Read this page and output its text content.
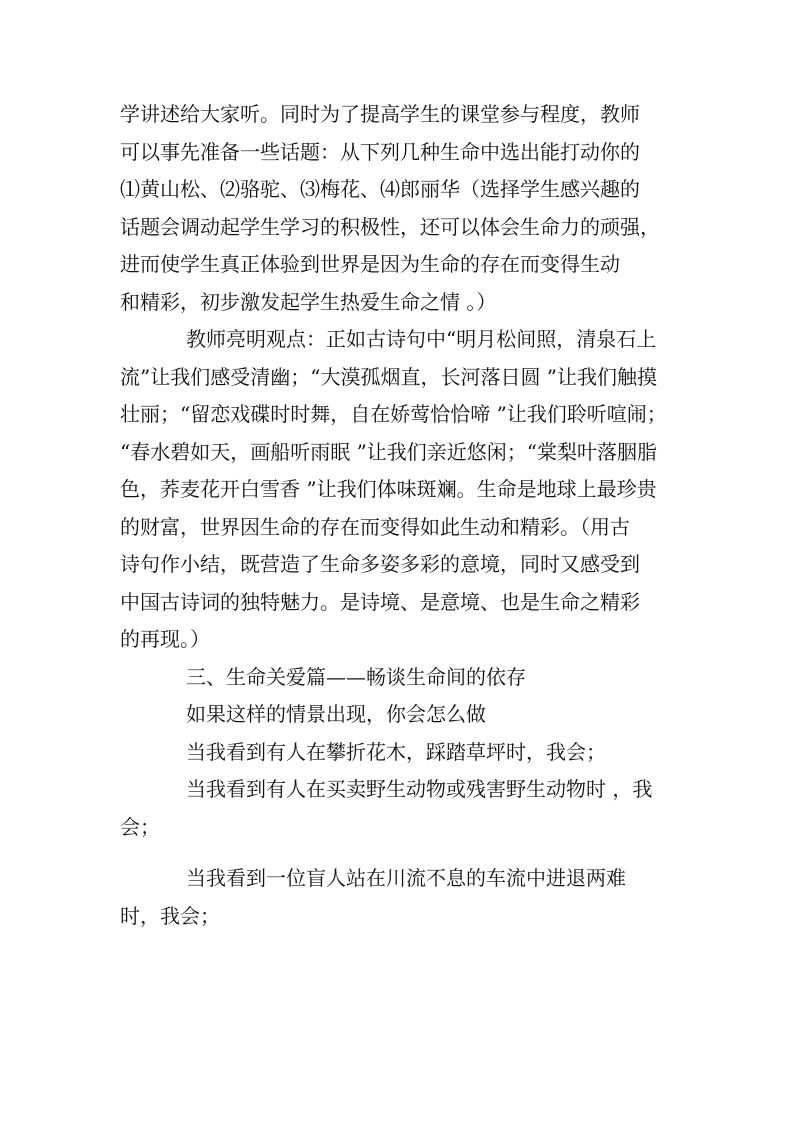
学讲述给大家听。同时为了提高学生的课堂参与程度，教师
可以事先准备一些话题：从下列几种生命中选出能打动你的
⑴黄山松、⑵骆驼、⑶梅花、⑷郎丽华（选择学生感兴趣的
话题会调动起学生学习的积极性，还可以体会生命力的顽强，
进而使学生真正体验到世界是因为生命的存在而变得生动
和精彩，初步激发起学生热爱生命之情 。）
教师亮明观点：正如古诗句中“明月松间照，清泉石上
流”让我们感受清幽；“大漠孤烟直，长河落日圆 ”让我们触摸
壮丽；“留恋戏碟时时舞，自在娇莺恰恰啼 ”让我们聆听喧闹；
“春水碧如天，画船听雨眠 ”让我们亲近悠闲；“棠梨叶落胭脂
色，荞麦花开白雪香 ”让我们体味斑斓。生命是地球上最珍贵
的财富，世界因生命的存在而变得如此生动和精彩。（用古
诗句作小结，既营造了生命多姿多彩的意境，同时又感受到
中国古诗词的独特魅力。是诗境、是意境、也是生命之精彩
的再现。）
三、生命关爱篇——畅谈生命间的依存
如果这样的情景出现，你会怎么做
当我看到有人在攀折花木，踩踏草坪时，我会；
当我看到有人在买卖野生动物或残害野生动物时 ，我
会；
当我看到一位盲人站在川流不息的车流中进退两难
时，我会；
